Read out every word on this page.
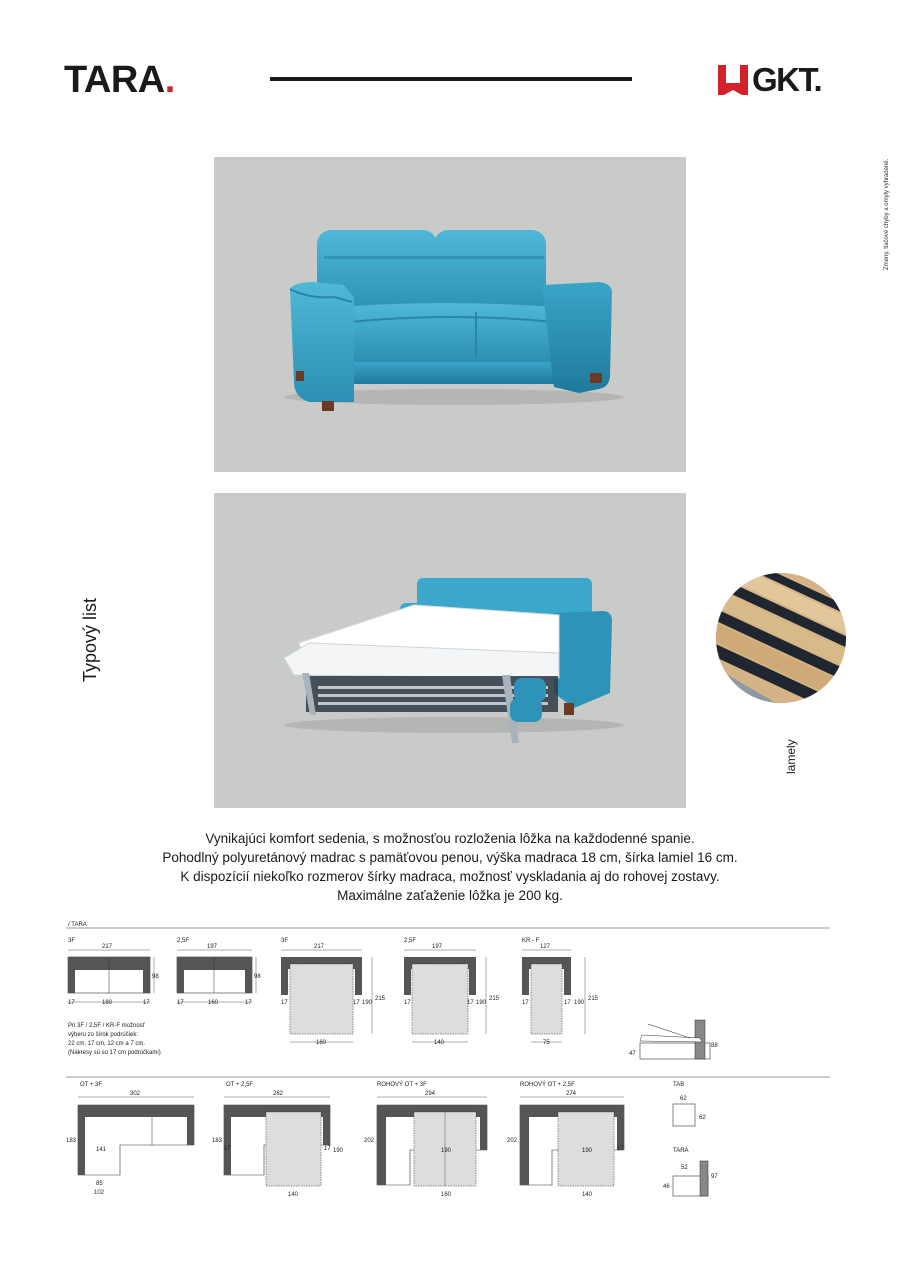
TARA.	GKT.
Zmeny, tlačové chyby a omyly vyhradené.
Typový list
lamely
Vynikajúci komfort sedenia, s možnosťou rozloženia lôžka na každodenné spanie.
Pohodlný polyuretánový madrac s pamäťovou penou, výška madraca 18 cm, šírka lamiel 16 cm.
K dispozícií niekoľko rozmerov šírky madraca, možnosť vyskladania aj do rohovej zostavy.
Maximálne zaťaženie lôžka je 200 kg.
/ TARA
3F
217
98
17	180	17
2,5F
197
98
17	160	17
3F
217
17	17 190
215
160
2,5F
197
17	17 190
215
140
KR - F
127
17	17 190
215
75
47
88
Pri 3F / 2,5F / KR-F možnosť
výberu zo šírok podrúčiek:
22 cm, 17 cm, 12 cm a 7 cm.
(Nákresy sú so 17 cm podrúčkami)
OT + 3F
302
183
141
85
102
OT + 2,5F
282
183
17	17 190
140
ROHOVÝ OT + 3F
294
202
190
160
ROHOVÝ OT + 2,5F
274
202
17
190
140
TAB
62
62
TARA
52
46
97
